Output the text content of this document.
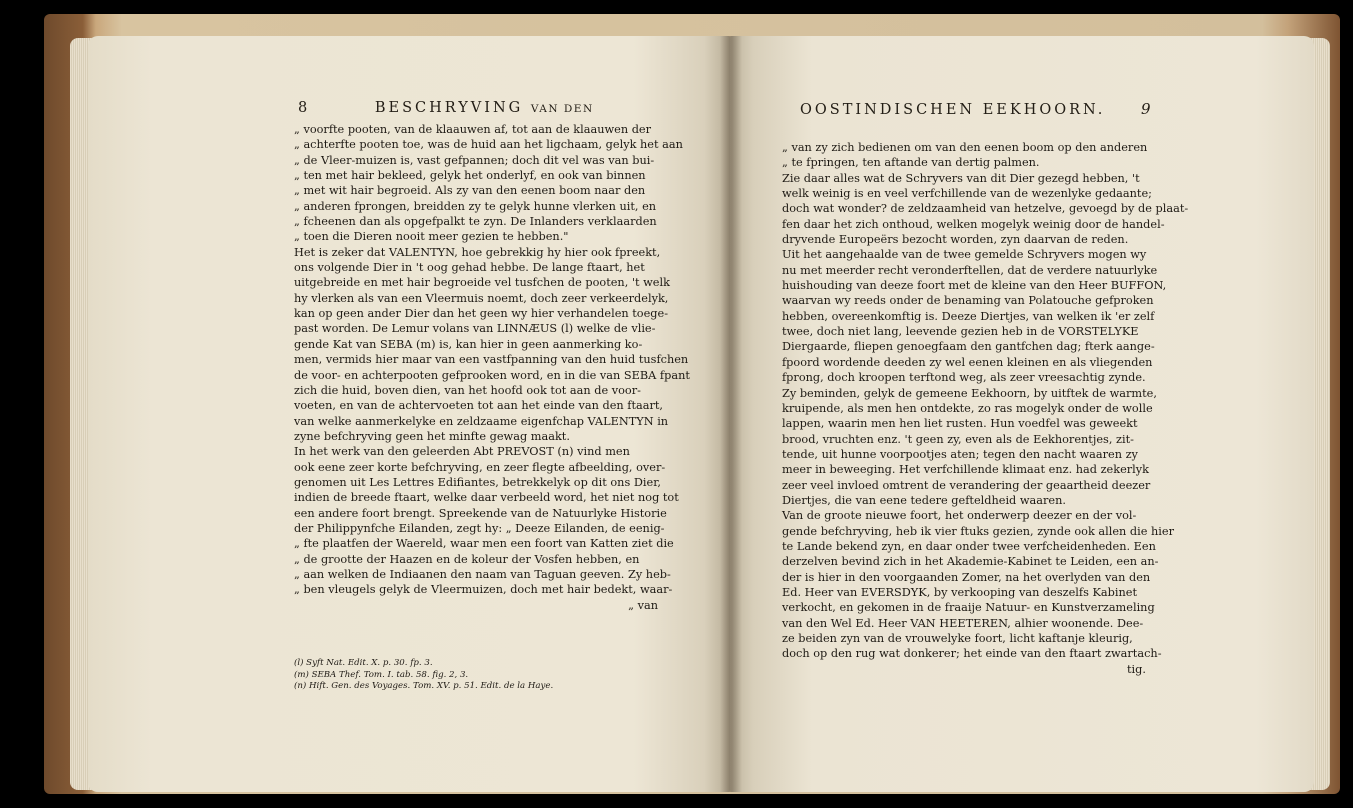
8	BESCHRYVING VAN DEN
„ voorfte pooten, van de klaauwen af, tot aan de klaauwen der
„ achterfte pooten toe, was de huid aan het ligchaam, gelyk het aan
„ de Vleer-muizen is, vast gefpannen; doch dit vel was van bui-
„ ten met hair bekleed, gelyk het onderlyf, en ook van binnen
„ met wit hair begroeid. Als zy van den eenen boom naar den
„ anderen fprongen, breidden zy te gelyk hunne vlerken uit, en
„ fcheenen dan als opgefpalkt te zyn. De Inlanders verklaarden
„ toen die Dieren nooit meer gezien te hebben."
Het is zeker dat VALENTYN, hoe gebrekkig hy hier ook fpreekt,
ons volgende Dier in 't oog gehad hebbe. De lange ftaart, het
uitgebreide en met hair begroeide vel tusfchen de pooten, 't welk
hy vlerken als van een Vleermuis noemt, doch zeer verkeerdelyk,
kan op geen ander Dier dan het geen wy hier verhandelen toege-
past worden. De Lemur volans van LINNÆUS (l) welke de vlie-
gende Kat van SEBA (m) is, kan hier in geen aanmerking ko-
men, vermids hier maar van een vastfpanning van den huid tusfchen
de voor- en achterpooten gefprooken word, en in die van SEBA fpant
zich die huid, boven dien, van het hoofd ook tot aan de voor-
voeten, en van de achtervoeten tot aan het einde van den ftaart,
van welke aanmerkelyke en zeldzaame eigenfchap VALENTYN in
zyne befchryving geen het minfte gewag maakt.
In het werk van den geleerden Abt PREVOST (n) vind men
ook eene zeer korte befchryving, en zeer flegte afbeelding, over-
genomen uit Les Lettres Edifiantes, betrekkelyk op dit ons Dier,
indien de breede ftaart, welke daar verbeeld word, het niet nog tot
een andere foort brengt. Spreekende van de Natuurlyke Historie
der Philippynfche Eilanden, zegt hy: „ Deeze Eilanden, de eenig-
„ fte plaatfen der Waereld, waar men een foort van Katten ziet die
„ de grootte der Haazen en de koleur der Vosfen hebben, en
„ aan welken de Indiaanen den naam van Taguan geeven. Zy heb-
„ ben vleugels gelyk de Vleermuizen, doch met hair bedekt, waar-
„ van
(l) Syft Nat. Edit. X. p. 30. fp. 3.
(m) SEBA Thef. Tom. I. tab. 58. fig. 2, 3.
(n) Hift. Gen. des Voyages. Tom. XV. p. 51. Edit. de la Haye.
OOSTINDISCHEN EEKHOORN. 9
„ van zy zich bedienen om van den eenen boom op den anderen
„ te fpringen, ten aftande van dertig palmen.
Zie daar alles wat de Schryvers van dit Dier gezegd hebben, 't
welk weinig is en veel verfchillende van de wezenlyke gedaante;
doch wat wonder? de zeldzaamheid van hetzelve, gevoegd by de plaat-
fen daar het zich onthoud, welken mogelyk weinig door de handel-
dryvende Europeërs bezocht worden, zyn daarvan de reden.
Uit het aangehaalde van de twee gemelde Schryvers mogen wy
nu met meerder recht veronderftellen, dat de verdere natuurlyke
huishouding van deeze foort met de kleine van den Heer BUFFON,
waarvan wy reeds onder de benaming van Polatouche gefproken
hebben, overeenkomftig is. Deeze Diertjes, van welken ik 'er zelf
twee, doch niet lang, leevende gezien heb in de VORSTELYKE
Diergaarde, fliepen genoegfaam den gantfchen dag; fterk aange-
fpoord wordende deeden zy wel eenen kleinen en als vliegenden
fprong, doch kroopen terftond weg, als zeer vreesachtig zynde.
Zy beminden, gelyk de gemeene Eekhoorn, by uitftek de warmte,
kruipende, als men hen ontdekte, zo ras mogelyk onder de wolle
lappen, waarin men hen liet rusten. Hun voedfel was geweekt
brood, vruchten enz. 't geen zy, even als de Eekhorentjes, zit-
tende, uit hunne voorpootjes aten; tegen den nacht waaren zy
meer in beweeging. Het verfchillende klimaat enz. had zekerlyk
zeer veel invloed omtrent de verandering der geaartheid deezer
Diertjes, die van eene tedere gefteldheid waaren.
Van de groote nieuwe foort, het onderwerp deezer en der vol-
gende befchryving, heb ik vier ftuks gezien, zynde ook allen die hier
te Lande bekend zyn, en daar onder twee verfcheidenheden. Een
derzelven bevind zich in het Akademie-Kabinet te Leiden, een an-
der is hier in den voorgaanden Zomer, na het overlyden van den
Ed. Heer van EVERSDYK, by verkooping van deszelfs Kabinet
verkocht, en gekomen in de fraaije Natuur- en Kunstverzameling
van den Wel Ed. Heer VAN HEETEREN, alhier woonende. Dee-
ze beiden zyn van de vrouwelyke foort, licht kaftanje kleurig,
doch op den rug wat donkerer; het einde van den ftaart zwartach-
tig.
